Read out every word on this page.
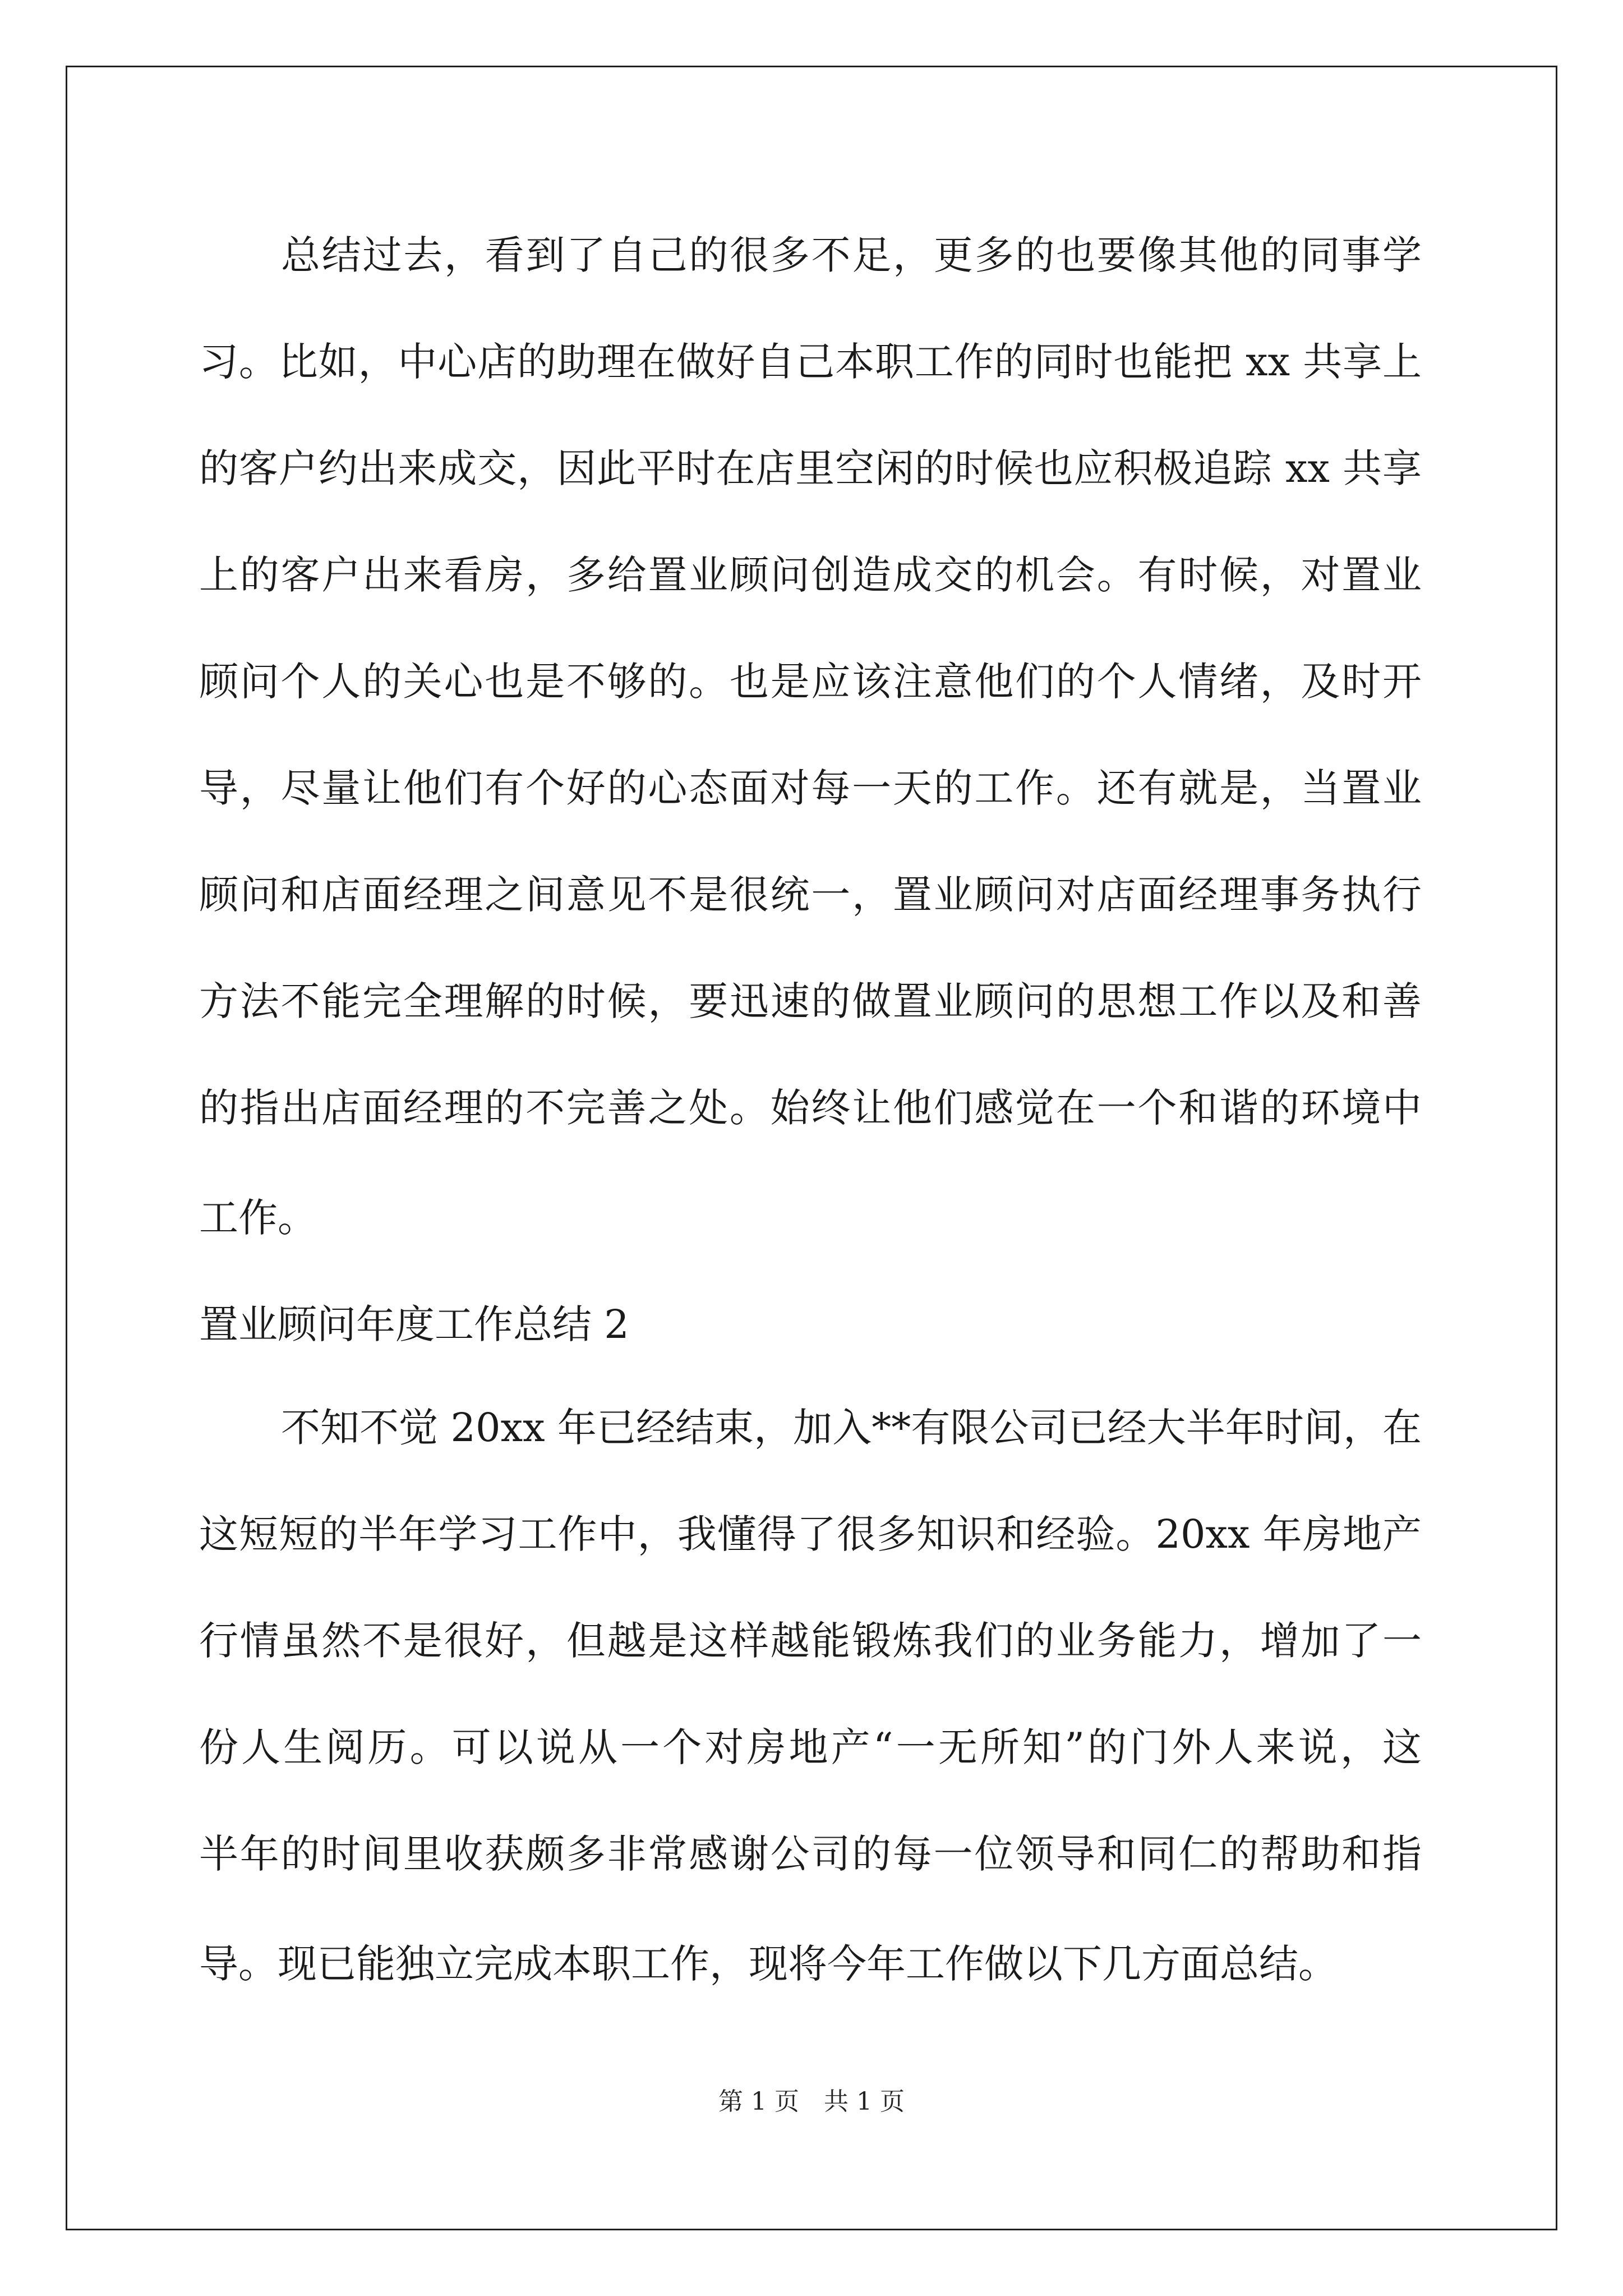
总结过去，看到了自己的很多不足，更多的也要像其他的同事学
习。比如，中心店的助理在做好自己本职工作的同时也能把 xx 共享上
的客户约出来成交，因此平时在店里空闲的时候也应积极追踪 xx 共享
上的客户出来看房，多给置业顾问创造成交的机会。有时候，对置业
顾问个人的关心也是不够的。也是应该注意他们的个人情绪，及时开
导，尽量让他们有个好的心态面对每一天的工作。还有就是，当置业
顾问和店面经理之间意见不是很统一，置业顾问对店面经理事务执行
方法不能完全理解的时候，要迅速的做置业顾问的思想工作以及和善
的指出店面经理的不完善之处。始终让他们感觉在一个和谐的环境中
工作。
置业顾问年度工作总结 2
不知不觉 20xx 年已经结束，加入**有限公司已经大半年时间，在
这短短的半年学习工作中，我懂得了很多知识和经验。20xx 年房地产
行情虽然不是很好，但越是这样越能锻炼我们的业务能力，增加了一
份人生阅历。可以说从一个对房地产“一无所知”的门外人来说，这
半年的时间里收获颇多非常感谢公司的每一位领导和同仁的帮助和指
导。现已能独立完成本职工作，现将今年工作做以下几方面总结。
第 1 页 共 1 页
